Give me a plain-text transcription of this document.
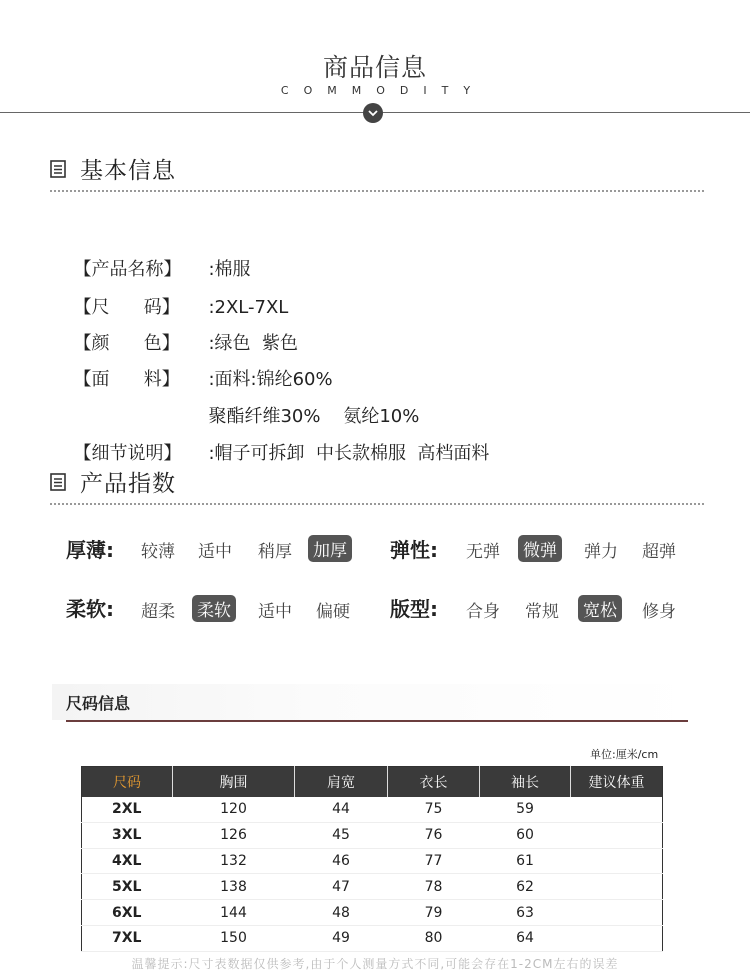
商品信息
COMMODITY
基本信息

【产品名称】 :棉服

【尺      码】 :2XL-7XL

【颜      色】 :绿色  紫色

【面      料】 :面料:锦纶60%

聚酯纤维30%    氨纶10%

【细节说明】 :帽子可拆卸  中长款棉服  高档面料

产品指数
厚薄: 较薄 适中 稍厚 加厚 弹性: 无弹 微弹 弹力 超弹
柔软: 超柔 柔软 适中 偏硬 版型: 合身 常规 宽松 修身
尺码信息
单位:厘米/cm
尺码	胸围	肩宽	衣长	袖长	建议体重
2XL	120	44	75	59	
3XL	126	45	76	60	
4XL	132	46	77	61	
5XL	138	47	78	62	
6XL	144	48	79	63	
7XL	150	49	80	64	
温馨提示:尺寸表数据仅供参考,由于个人测量方式不同,可能会存在1-2CM左右的误差
